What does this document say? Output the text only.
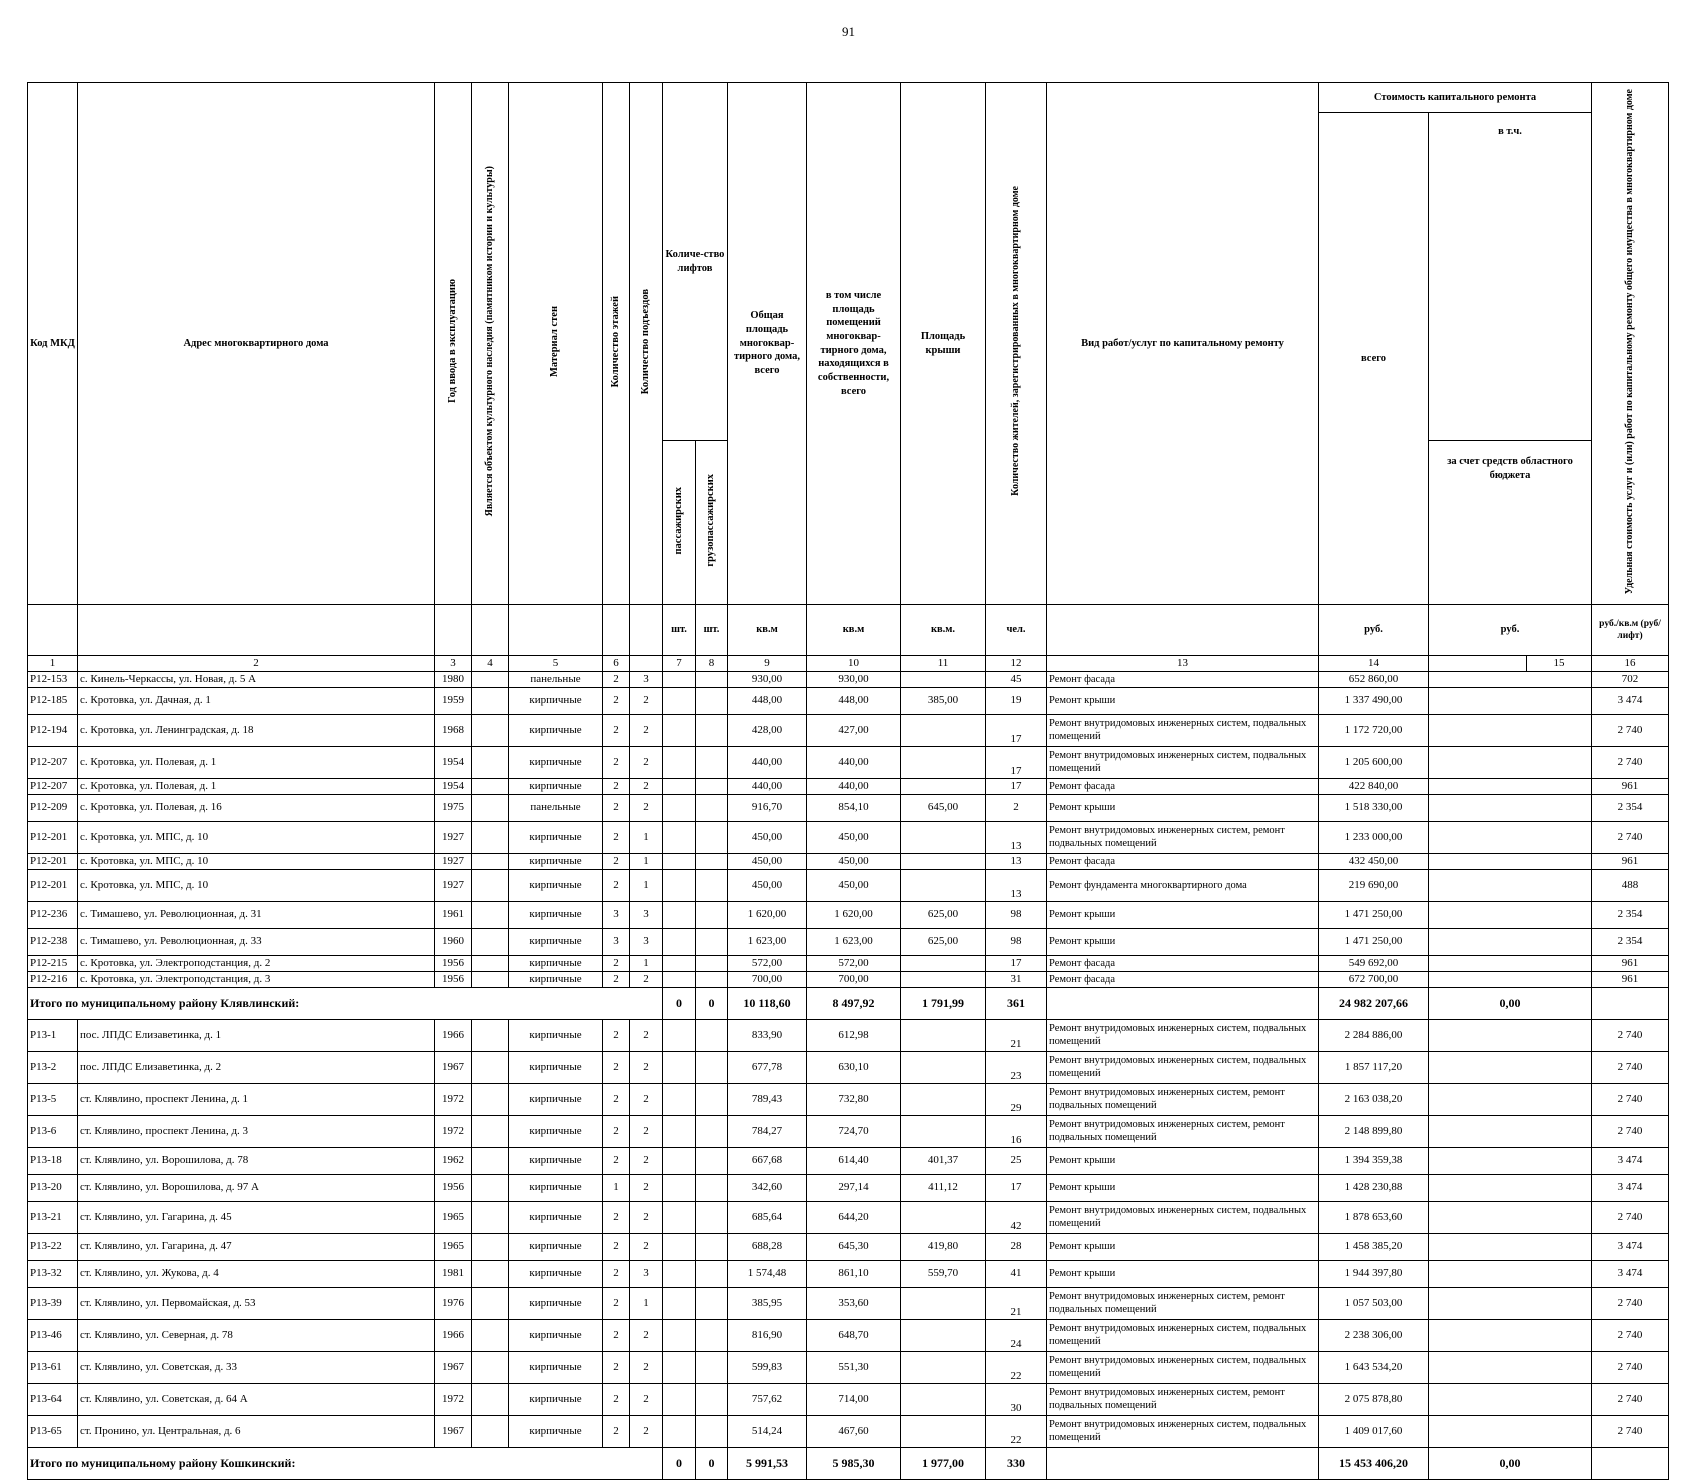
91
Код МКД	Адрес многоквартирного дома	Год ввода в эксплуатацию	Является объектом культурного наследия (памятником истории и культуры)	Материал стен	Количество этажей	Количество подъездов	Количе-ство лифтов		Общая площадь многоквар-тирного дома, всего	в том числе площадь помещений многоквар-тирного дома, находящихся в собственности, всего	Площадь крыши	Количество жителей, зарегистрированных в многоквартирном доме	Вид работ/услуг по капитальному ремонту	Стоимость капитального ремонта			Удельная стоимость услуг и (или) работ по капитальному ремонту общего имущества в многоквартирном доме	
														всего	в т.ч.			
							пассажирских	грузопассажирских							за счет средств областного бюджета			
							шт.	шт.	кв.м	кв.м	кв.м.	чел.		руб.	руб.		руб./кв.м (руб/лифт)	
1	2	3	4	5	6		7	8	9	10	11	12	13	14		15	16	
Р12-153	с. Кинель-Черкассы, ул. Новая, д. 5 А	1980		панельные	2	3			930,00	930,00		45	Ремонт фасада	652 860,00			702	
Р12-185	с. Кротовка, ул. Дачная, д. 1	1959		кирпичные	2	2			448,00	448,00	385,00	19	Ремонт крыши	1 337 490,00			3 474	
Р12-194	с. Кротовка, ул. Ленинградская, д. 18	1968		кирпичные	2	2			428,00	427,00		17	Ремонт внутридомовых инженерных систем, подвальных помещений	1 172 720,00			2 740	
Р12-207	с. Кротовка, ул. Полевая, д. 1	1954		кирпичные	2	2			440,00	440,00		17	Ремонт внутридомовых инженерных систем, подвальных помещений	1 205 600,00			2 740	
Р12-207	с. Кротовка, ул. Полевая, д. 1	1954		кирпичные	2	2			440,00	440,00		17	Ремонт фасада	422 840,00			961	
Р12-209	с. Кротовка, ул. Полевая, д. 16	1975		панельные	2	2			916,70	854,10	645,00	2	Ремонт крыши	1 518 330,00			2 354	
Р12-201	с. Кротовка, ул. МПС, д. 10	1927		кирпичные	2	1			450,00	450,00		13	Ремонт внутридомовых инженерных систем, ремонт подвальных помещений	1 233 000,00			2 740	
Р12-201	с. Кротовка, ул. МПС, д. 10	1927		кирпичные	2	1			450,00	450,00		13	Ремонт фасада	432 450,00			961	
Р12-201	с. Кротовка, ул. МПС, д. 10	1927		кирпичные	2	1			450,00	450,00		13	Ремонт фундамента многоквартирного дома	219 690,00			488	
Р12-236	с. Тимашево, ул. Революционная, д. 31	1961		кирпичные	3	3			1 620,00	1 620,00	625,00	98	Ремонт крыши	1 471 250,00			2 354	
Р12-238	с. Тимашево, ул. Революционная, д. 33	1960		кирпичные	3	3			1 623,00	1 623,00	625,00	98	Ремонт крыши	1 471 250,00			2 354	
Р12-215	с. Кротовка, ул. Электроподстанция, д. 2	1956		кирпичные	2	1			572,00	572,00		17	Ремонт фасада	549 692,00			961	
Р12-216	с. Кротовка, ул. Электроподстанция, д. 3	1956		кирпичные	2	2			700,00	700,00		31	Ремонт фасада	672 700,00			961	
Итого по муниципальному району Клявлинский:							0	0	10 118,60	8 497,92	1 791,99	361		24 982 207,66	0,00			
Р13-1	пос. ЛПДС Елизаветинка, д. 1	1966		кирпичные	2	2			833,90	612,98		21	Ремонт внутридомовых инженерных систем, подвальных помещений	2 284 886,00			2 740	
Р13-2	пос. ЛПДС Елизаветинка, д. 2	1967		кирпичные	2	2			677,78	630,10		23	Ремонт внутридомовых инженерных систем, подвальных помещений	1 857 117,20			2 740	
Р13-5	ст. Клявлино, проспект Ленина, д. 1	1972		кирпичные	2	2			789,43	732,80		29	Ремонт внутридомовых инженерных систем, ремонт подвальных помещений	2 163 038,20			2 740	
Р13-6	ст. Клявлино, проспект Ленина, д. 3	1972		кирпичные	2	2			784,27	724,70		16	Ремонт внутридомовых инженерных систем, ремонт подвальных помещений	2 148 899,80			2 740	
Р13-18	ст. Клявлино, ул. Ворошилова, д. 78	1962		кирпичные	2	2			667,68	614,40	401,37	25	Ремонт крыши	1 394 359,38			3 474	
Р13-20	ст. Клявлино, ул. Ворошилова, д. 97 А	1956		кирпичные	1	2			342,60	297,14	411,12	17	Ремонт крыши	1 428 230,88			3 474	
Р13-21	ст. Клявлино, ул. Гагарина, д. 45	1965		кирпичные	2	2			685,64	644,20		42	Ремонт внутридомовых инженерных систем, подвальных помещений	1 878 653,60			2 740	
Р13-22	ст. Клявлино, ул. Гагарина, д. 47	1965		кирпичные	2	2			688,28	645,30	419,80	28	Ремонт крыши	1 458 385,20			3 474	
Р13-32	ст. Клявлино, ул. Жукова, д. 4	1981		кирпичные	2	3			1 574,48	861,10	559,70	41	Ремонт крыши	1 944 397,80			3 474	
Р13-39	ст. Клявлино, ул. Первомайская, д. 53	1976		кирпичные	2	1			385,95	353,60		21	Ремонт внутридомовых инженерных систем, ремонт подвальных помещений	1 057 503,00			2 740	
Р13-46	ст. Клявлино, ул. Северная, д. 78	1966		кирпичные	2	2			816,90	648,70		24	Ремонт внутридомовых инженерных систем, подвальных помещений	2 238 306,00			2 740	
Р13-61	ст. Клявлино, ул. Советская, д. 33	1967		кирпичные	2	2			599,83	551,30		22	Ремонт внутридомовых инженерных систем, подвальных помещений	1 643 534,20			2 740	
Р13-64	ст. Клявлино, ул. Советская, д. 64 А	1972		кирпичные	2	2			757,62	714,00		30	Ремонт внутридомовых инженерных систем, ремонт подвальных помещений	2 075 878,80			2 740	
Р13-65	ст. Пронино, ул. Центральная, д. 6	1967		кирпичные	2	2			514,24	467,60		22	Ремонт внутридомовых инженерных систем, подвальных помещений	1 409 017,60			2 740	
Итого по муниципальному району Кошкинский:							0	0	5 991,53	5 985,30	1 977,00	330		15 453 406,20	0,00			
